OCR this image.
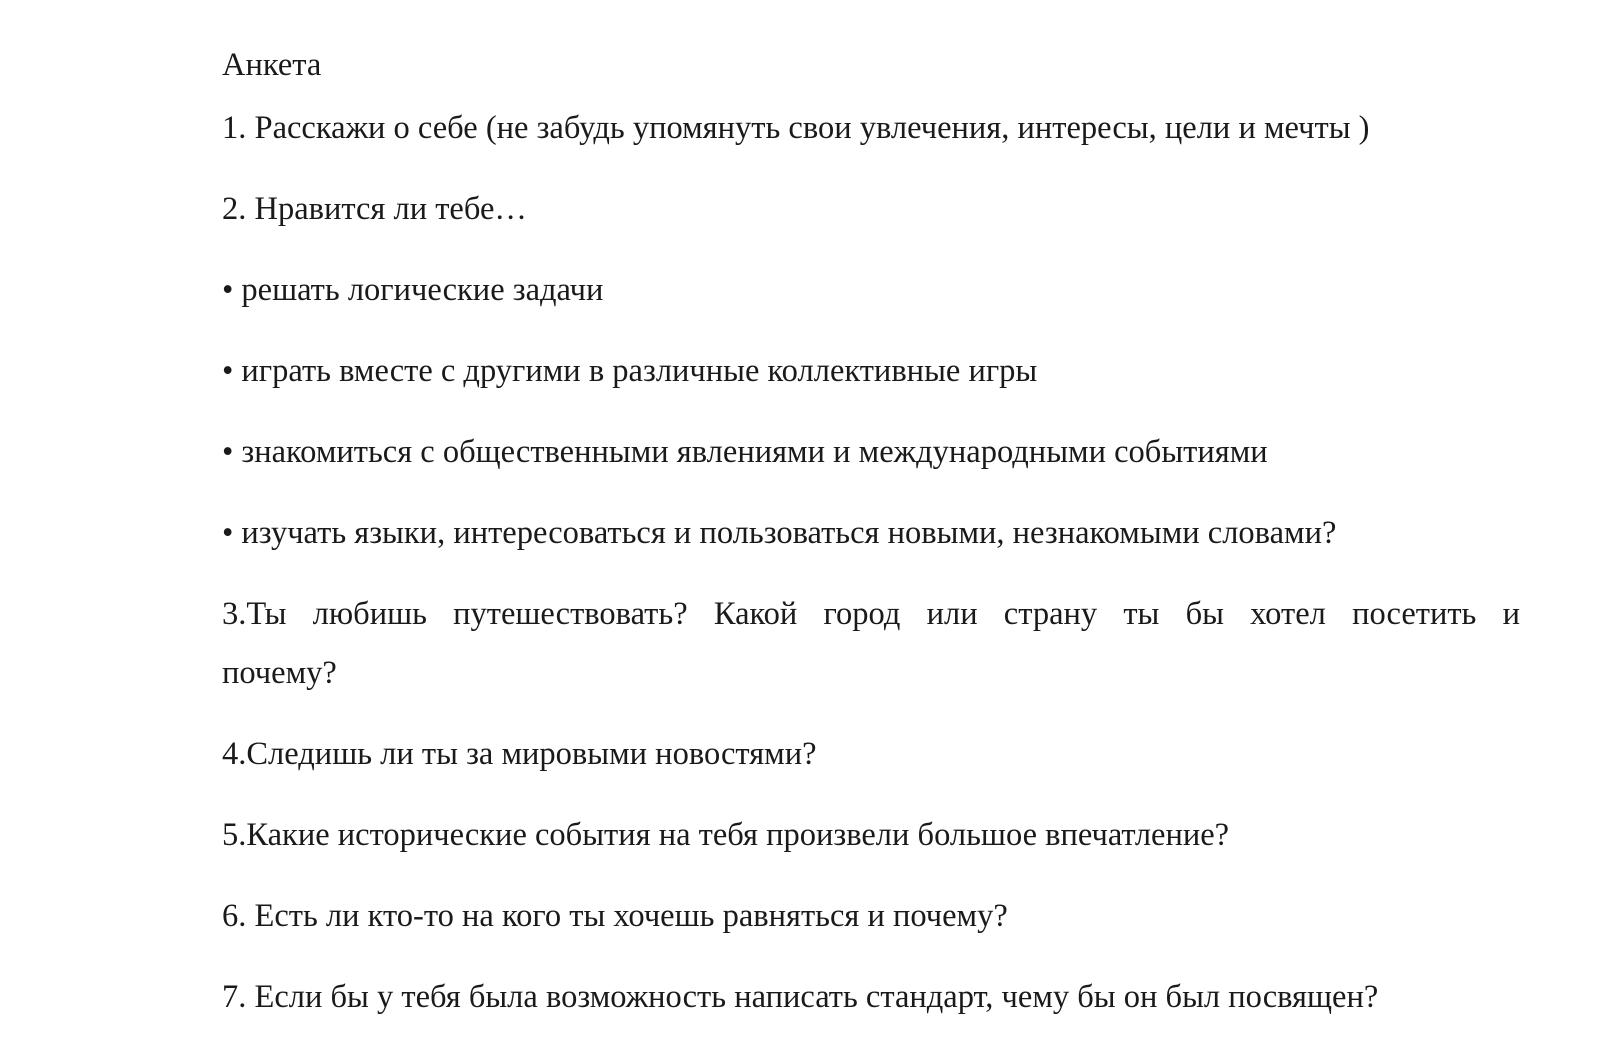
Анкета

1. Расскажи о себе (не забудь упомянуть свои увлечения, интересы, цели и мечты )

2. Нравится ли тебе…

• решать логические задачи

• играть вместе с другими в различные коллективные игры

• знакомиться с общественными явлениями и международными событиями

• изучать языки, интересоваться и пользоваться новыми, незнакомыми словами?

3.Ты любишь путешествовать? Какой город или страну ты бы хотел посетить и

почему?

4.Следишь ли ты за мировыми новостями?

5.Какие исторические события на тебя произвели большое впечатление?

6. Есть ли кто-то на кого ты хочешь равняться и почему?

7. Если бы у тебя была возможность написать стандарт, чему бы он был посвящен?
